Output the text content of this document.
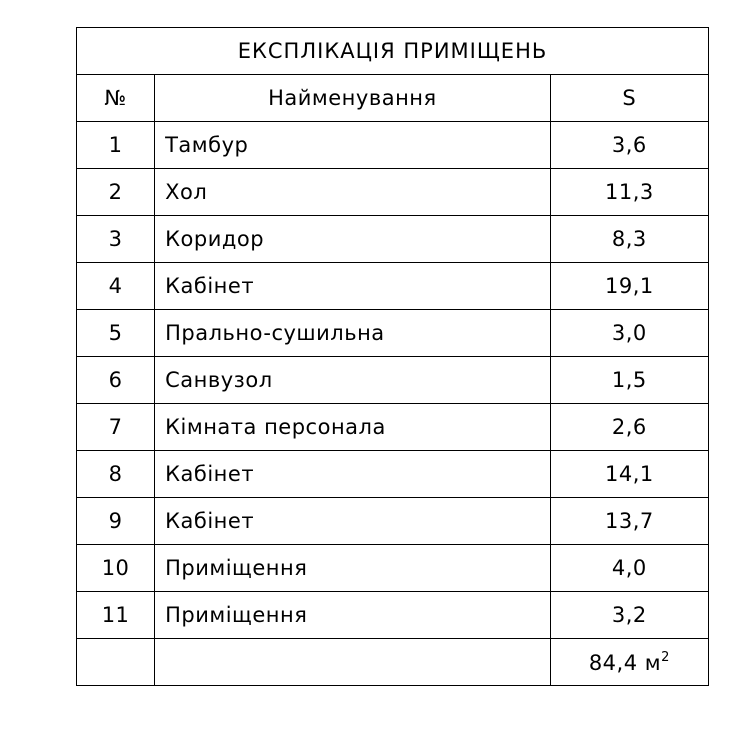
ЕКСПЛІКАЦІЯ ПРИМІЩЕНЬ		
№	Найменування	S
1	Тамбур	3,6
2	Хол	11,3
3	Коридор	8,3
4	Кабінет	19,1
5	Пральнo-сушильна	3,0
6	Санвузол	1,5
7	Кімната персонала	2,6
8	Кабінет	14,1
9	Кабінет	13,7
10	Приміщення	4,0
11	Приміщення	3,2
		84,4 $м^2$
